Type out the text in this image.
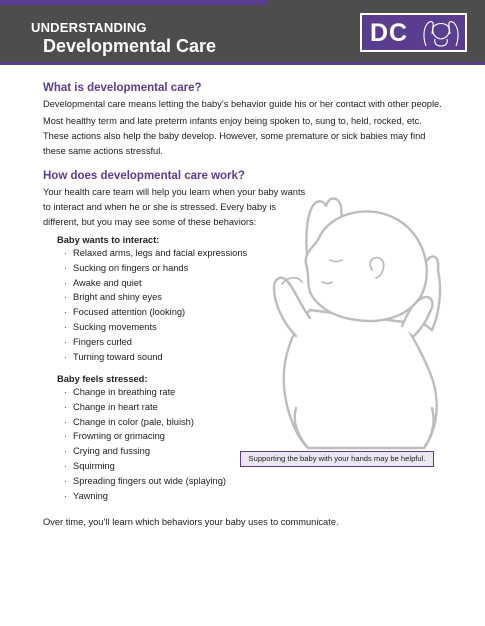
UNDERSTANDING
Developmental Care	DC
What is developmental care?

Developmental care means letting the baby’s behavior guide his or her contact with other people.

Most healthy term and late preterm infants enjoy being spoken to, sung to, held, rocked, etc.

These actions also help the baby develop. However, some premature or sick babies may find

these same actions stressful.

How does developmental care work?

Your health care team will help you learn when your baby wants

to interact and when he or she is stressed. Every baby is

different, but you may see some of these behaviors:

Baby wants to interact:

· Relaxed arms, legs and facial expressions
· Sucking on fingers or hands
· Awake and quiet
· Bright and shiny eyes
· Focused attention (looking)
· Sucking movements
· Fingers curled
· Turning toward sound

Baby feels stressed:

· Change in breathing rate
· Change in heart rate
· Change in color (pale, bluish)
· Frowning or grimacing
· Crying and fussing
· Squirming
· Spreading fingers out wide (splaying)
· Yawning
Supporting the baby with your hands may be helpful.

Over time, you’ll learn which behaviors your baby uses to communicate.
